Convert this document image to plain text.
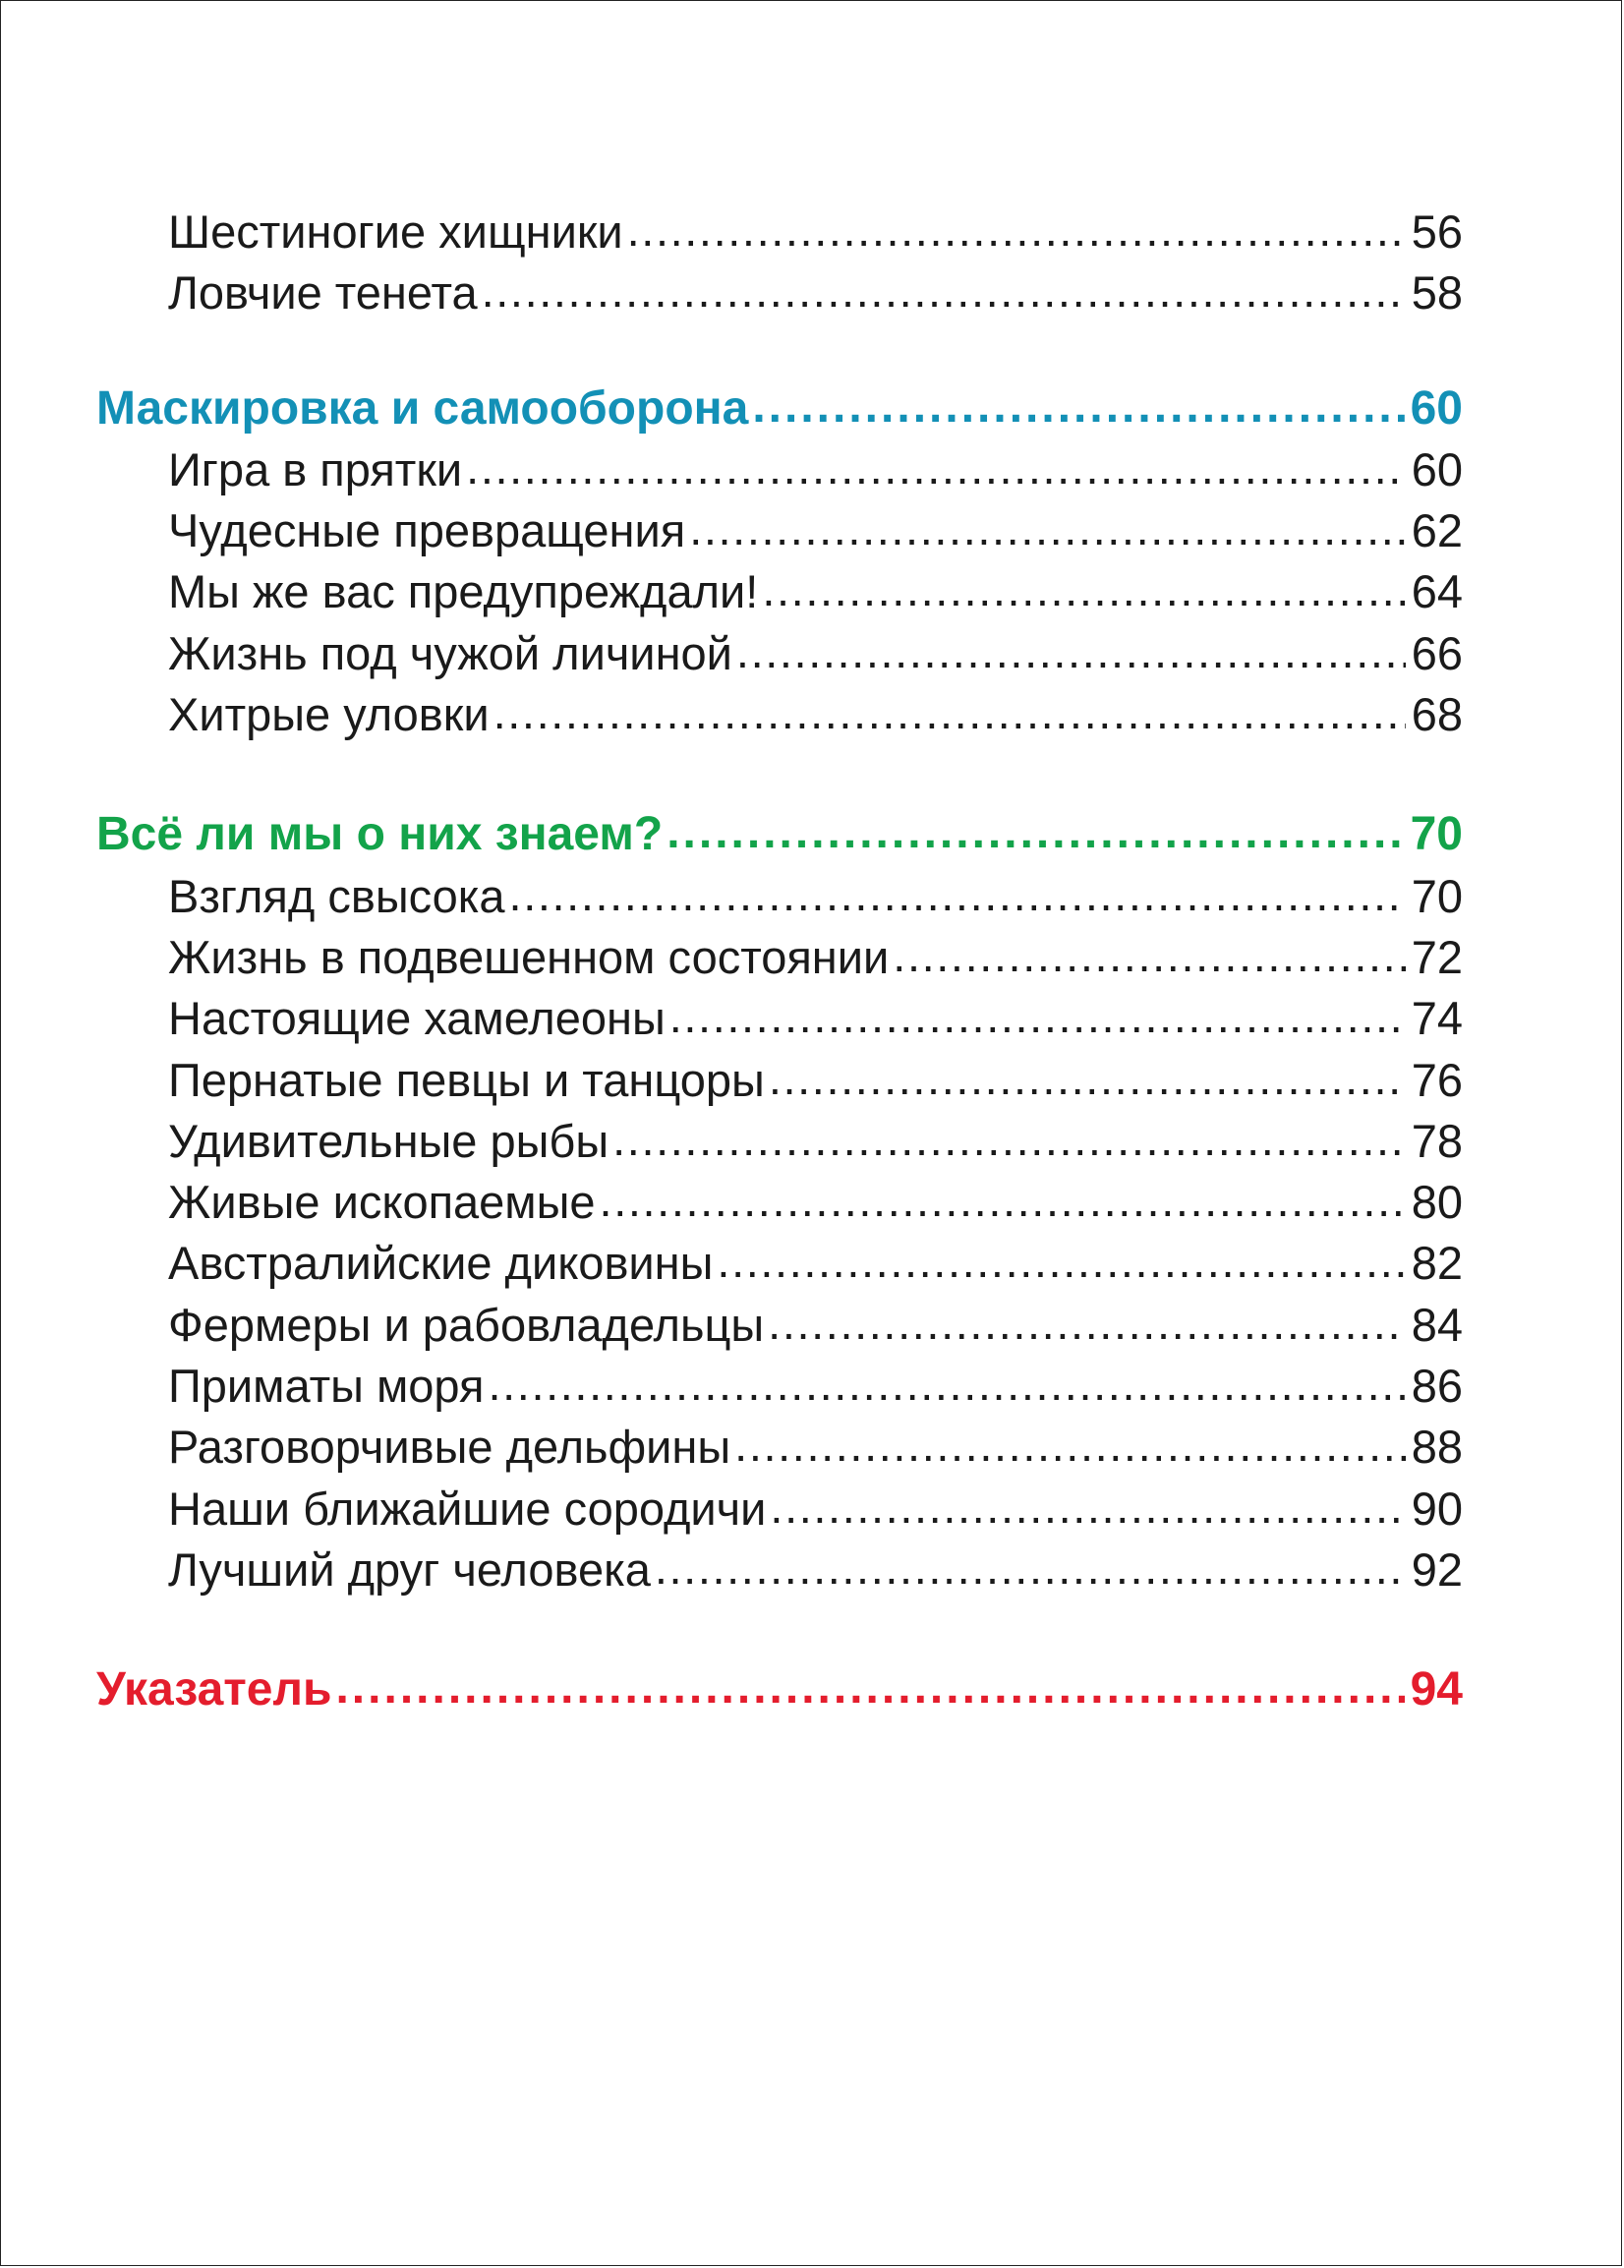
Шестиногие хищники .....	56
Ловчие тенета .....	58
Маскировка и самооборона .....	60
Игра в прятки .....	60
Чудесные превращения .....	62
Мы же вас предупреждали! .....	64
Жизнь под чужой личиной .....	66
Хитрые уловки .....	68
Всё ли мы о них знаем? .....	70
Взгляд свысока .....	70
Жизнь в подвешенном состоянии .....	72
Настоящие хамелеоны .....	74
Пернатые певцы и танцоры .....	76
Удивительные рыбы .....	78
Живые ископаемые .....	80
Австралийские диковины .....	82
Фермеры и рабовладельцы .....	84
Приматы моря .....	86
Разговорчивые дельфины .....	88
Наши ближайшие сородичи .....	90
Лучший друг человека .....	92
Указатель .....	94
